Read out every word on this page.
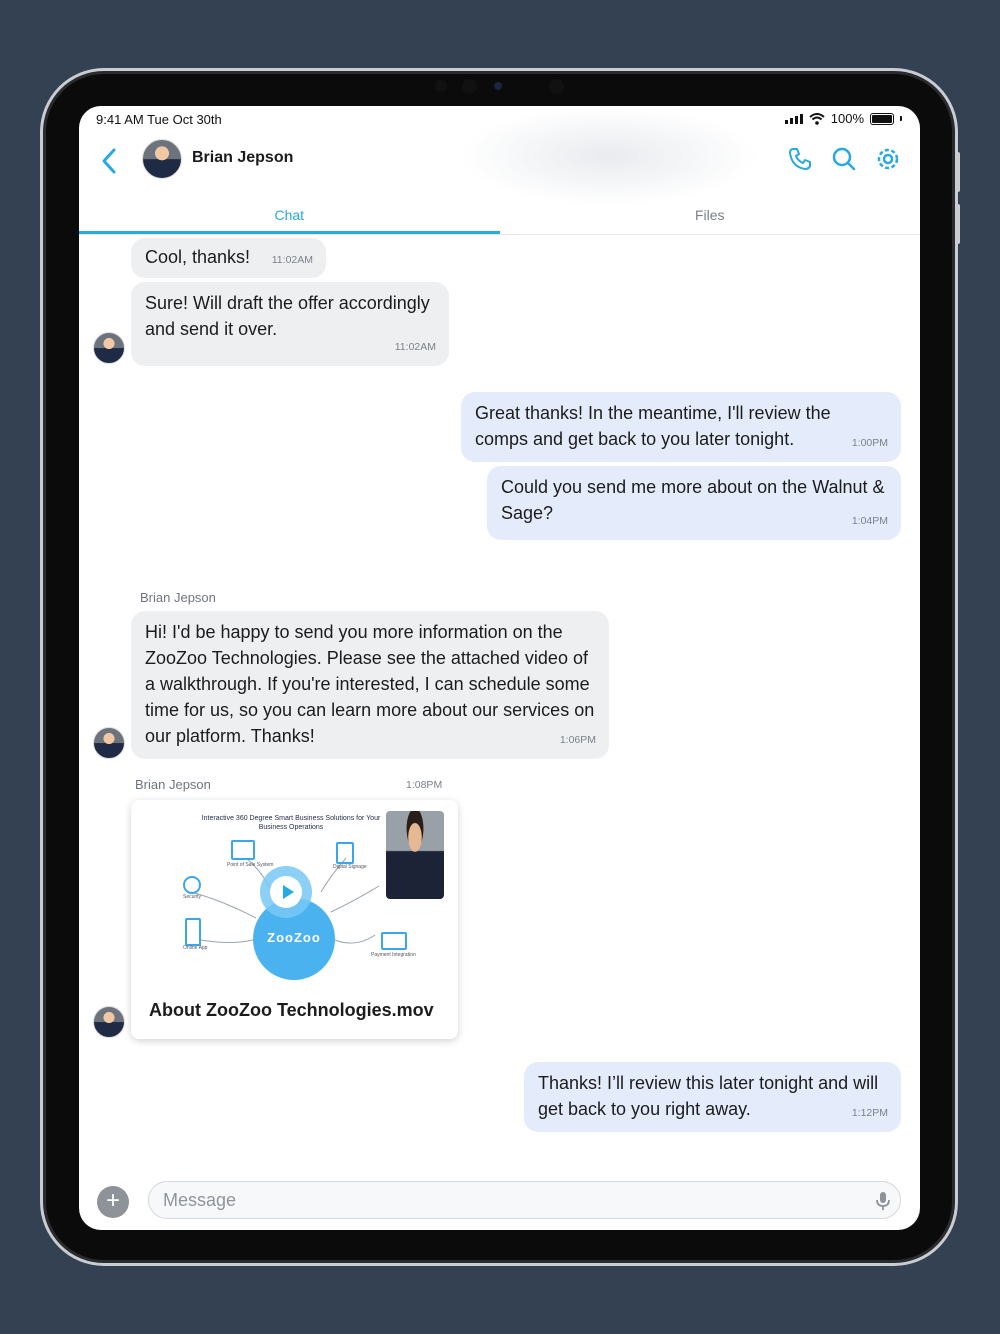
9:41 AM Tue Oct 30th	100%
Brian Jepson
Chat	Files
Cool, thanks! 11:02AM
Sure! Will draft the offer accordingly and send it over.
11:02AM
Great thanks! In the meantime, I'll review the comps and get back to you later tonight.	1:00PM
Could you send me more about on the Walnut & Sage?	1:04PM
Brian Jepson
Hi! I'd be happy to send you more information on the ZooZoo Technologies. Please see the attached video of a walkthrough. If you're interested, I can schedule some time for us, so you can learn more about our services on our platform. Thanks!	1:06PM
Brian Jepson	1:08PM
Interactive 360 Degree Smart Business Solutions for Your Business Operations
Point of Sale System	Digital Signage
Security
Online App
Payment Integration
ZooZoo
About ZooZoo Technologies.mov
Thanks! I’ll review this later tonight and will get back to you right away.	1:12PM
+
Message
